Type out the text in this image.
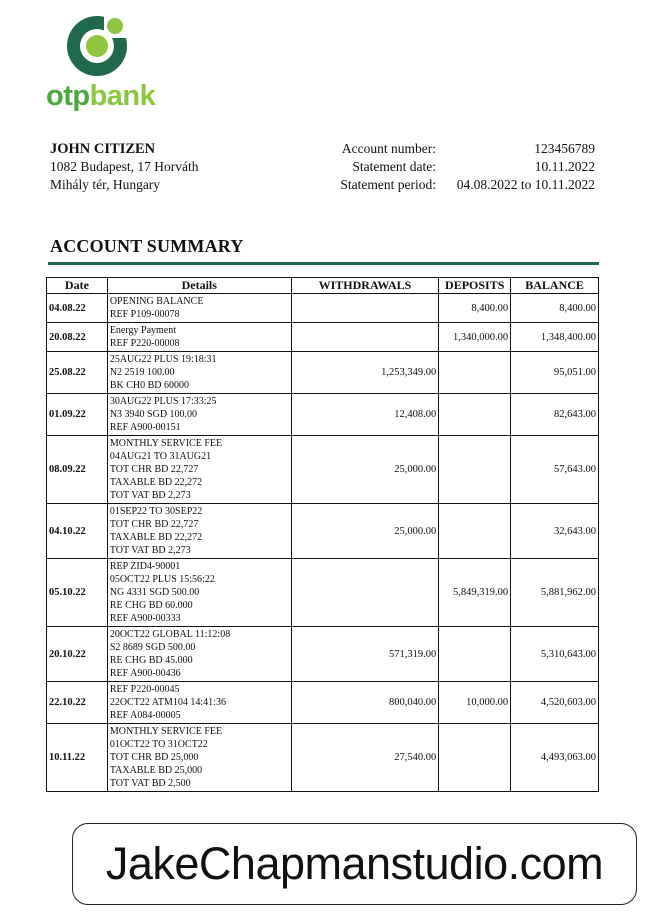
otpbank
JOHN CITIZEN
1082 Budapest, 17 Horváth
Mihály tér, Hungary
Account number:
Statement date:
Statement period:
123456789
10.11.2022
04.08.2022 to 10.11.2022
ACCOUNT SUMMARY
Date	Details	WITHDRAWALS	DEPOSITS	BALANCE
04.08.22	OPENING BALANCE
REF P109-00078		8,400.00	8,400.00
20.08.22	Energy Payment
REF P220-00008		1,340,000.00	1,348,400.00
25.08.22	25AUG22 PLUS 19:18:31
N2 2519 100.00
BK CH0 BD 60000	1,253,349.00		95,051.00
01.09.22	30AUG22 PLUS 17:33:25
N3 3940 SGD 100.00
REF A900-00151	12,408.00		82,643.00
08.09.22	MONTHLY SERVICE FEE
04AUG21 TO 31AUG21
TOT CHR BD 22,727
TAXABLE BD 22,272
TOT VAT BD 2,273	25,000.00		57,643.00
04.10.22	01SEP22 TO 30SEP22
TOT CHR BD 22,727
TAXABLE BD 22,272
TOT VAT BD 2,273	25,000.00		32,643.00
05.10.22	REP ZID4-90001
05OCT22 PLUS 15:56:22
NG 4331 SGD 500.00
RE CHG BD 60.000
REF A900-00333		5,849,319.00	5,881,962.00
20.10.22	20OCT22 GLOBAL 11:12:08
S2 8689 SGD 500.00
RE CHG BD 45.000
REF A900-00436	571,319.00		5,310,643.00
22.10.22	REF P220-00045
22OCT22 ATM104 14:41:36
REF A084-00005	800,040.00	10,000.00	4,520,603.00
10.11.22	MONTHLY SERVICE FEE
01OCT22 TO 31OCT22
TOT CHR BD 25,000
TAXABLE BD 25,000
TOT VAT BD 2,500	27,540.00		4,493,063.00
JakeChapmanstudio.com
